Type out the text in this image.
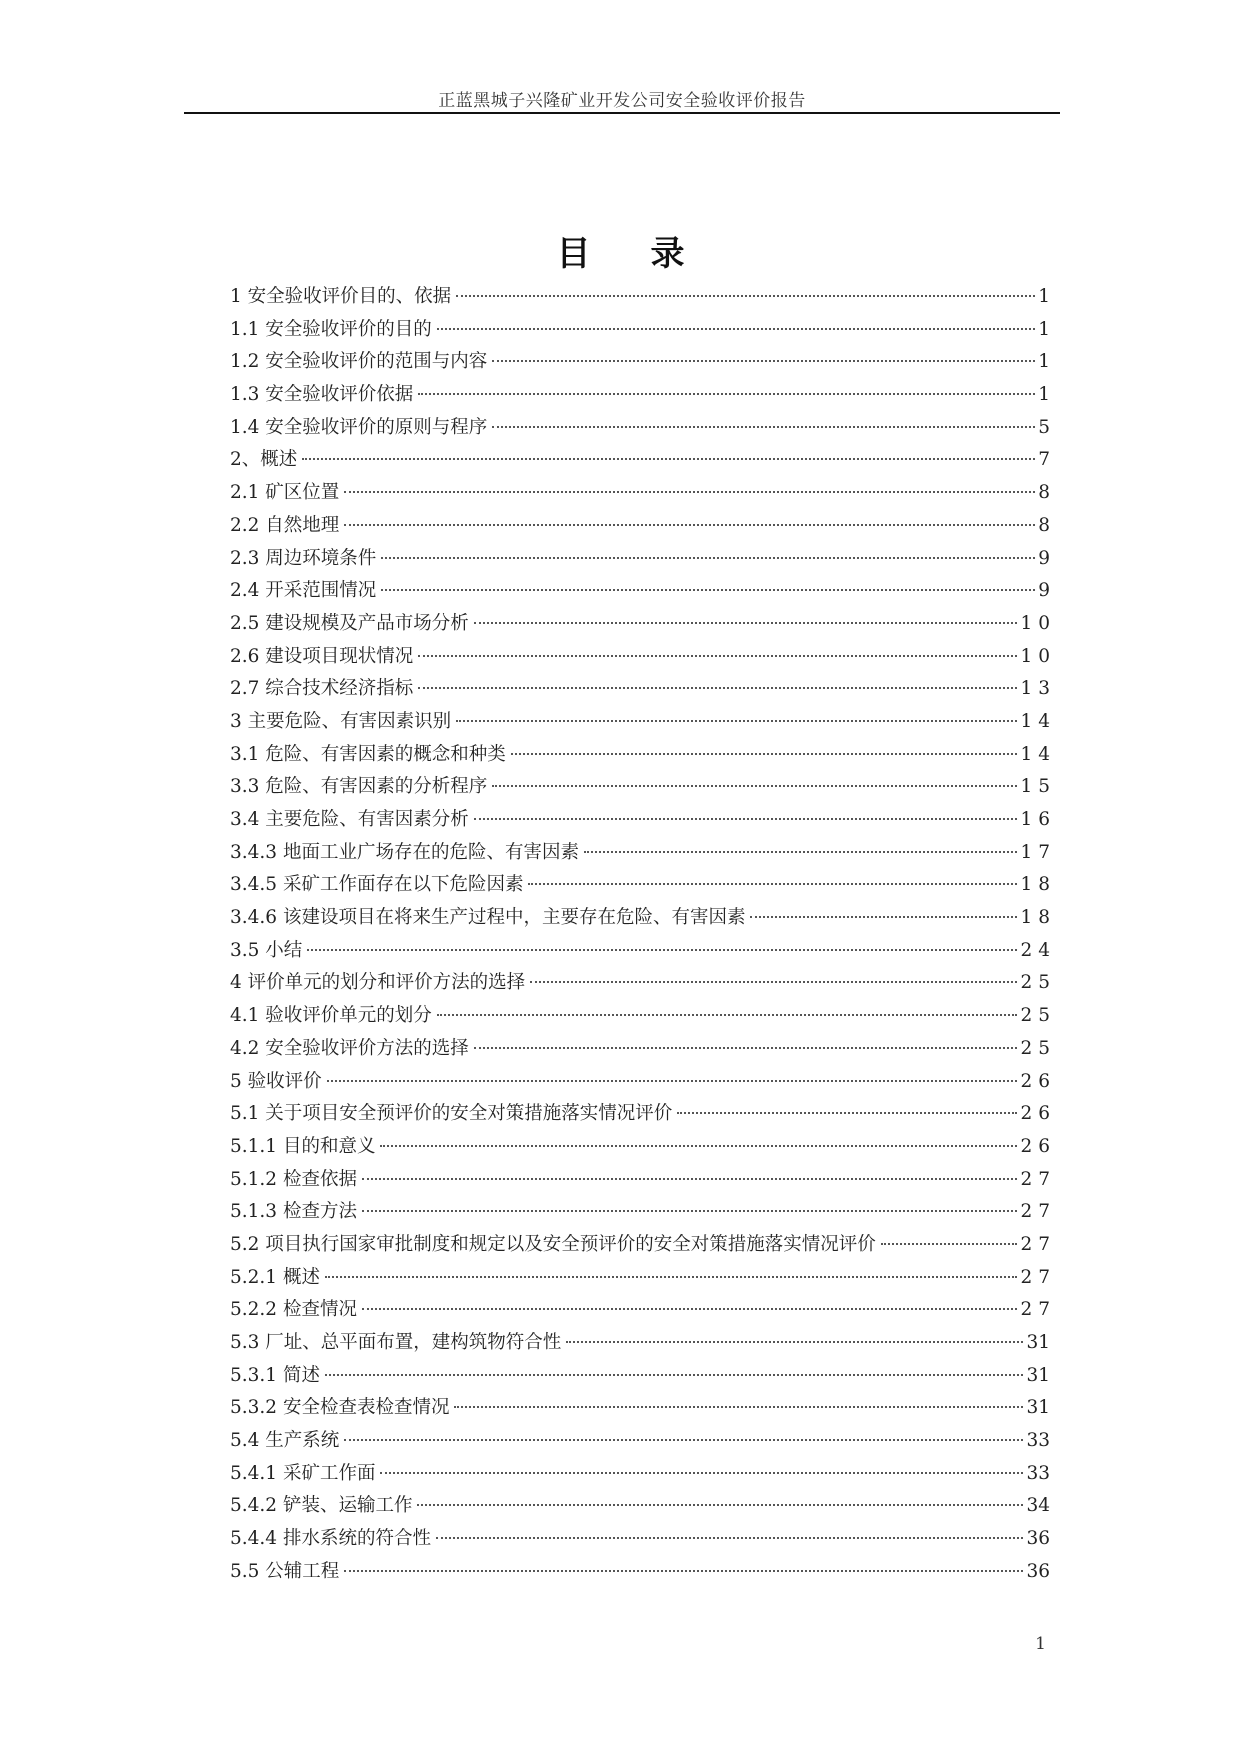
正蓝黑城子兴隆矿业开发公司安全验收评价报告
目录
1 安全验收评价目的、依据	1
1.1 安全验收评价的目的	1
1.2 安全验收评价的范围与内容	1
1.3 安全验收评价依据	1
1.4 安全验收评价的原则与程序	5
2、概述	7
2.1 矿区位置	8
2.2 自然地理	8
2.3 周边环境条件	9
2.4 开采范围情况	9
2.5 建设规模及产品市场分析	10
2.6 建设项目现状情况	10
2.7 综合技术经济指标	13
3 主要危险、有害因素识别	14
3.1 危险、有害因素的概念和种类	14
3.3 危险、有害因素的分析程序	15
3.4 主要危险、有害因素分析	16
3.4.3 地面工业广场存在的危险、有害因素	17
3.4.5 采矿工作面存在以下危险因素	18
3.4.6 该建设项目在将来生产过程中，主要存在危险、有害因素	18
3.5 小结	24
4 评价单元的划分和评价方法的选择	25
4.1 验收评价单元的划分	25
4.2 安全验收评价方法的选择	25
5 验收评价	26
5.1 关于项目安全预评价的安全对策措施落实情况评价	26
5.1.1 目的和意义	26
5.1.2 检查依据	27
5.1.3 检查方法	27
5.2 项目执行国家审批制度和规定以及安全预评价的安全对策措施落实情况评价	27
5.2.1 概述	27
5.2.2 检查情况	27
5.3 厂址、总平面布置，建构筑物符合性	31
5.3.1 简述	31
5.3.2 安全检查表检查情况	31
5.4 生产系统	33
5.4.1 采矿工作面	33
5.4.2 铲装、运输工作	34
5.4.4 排水系统的符合性	36
5.5 公辅工程	36
1
